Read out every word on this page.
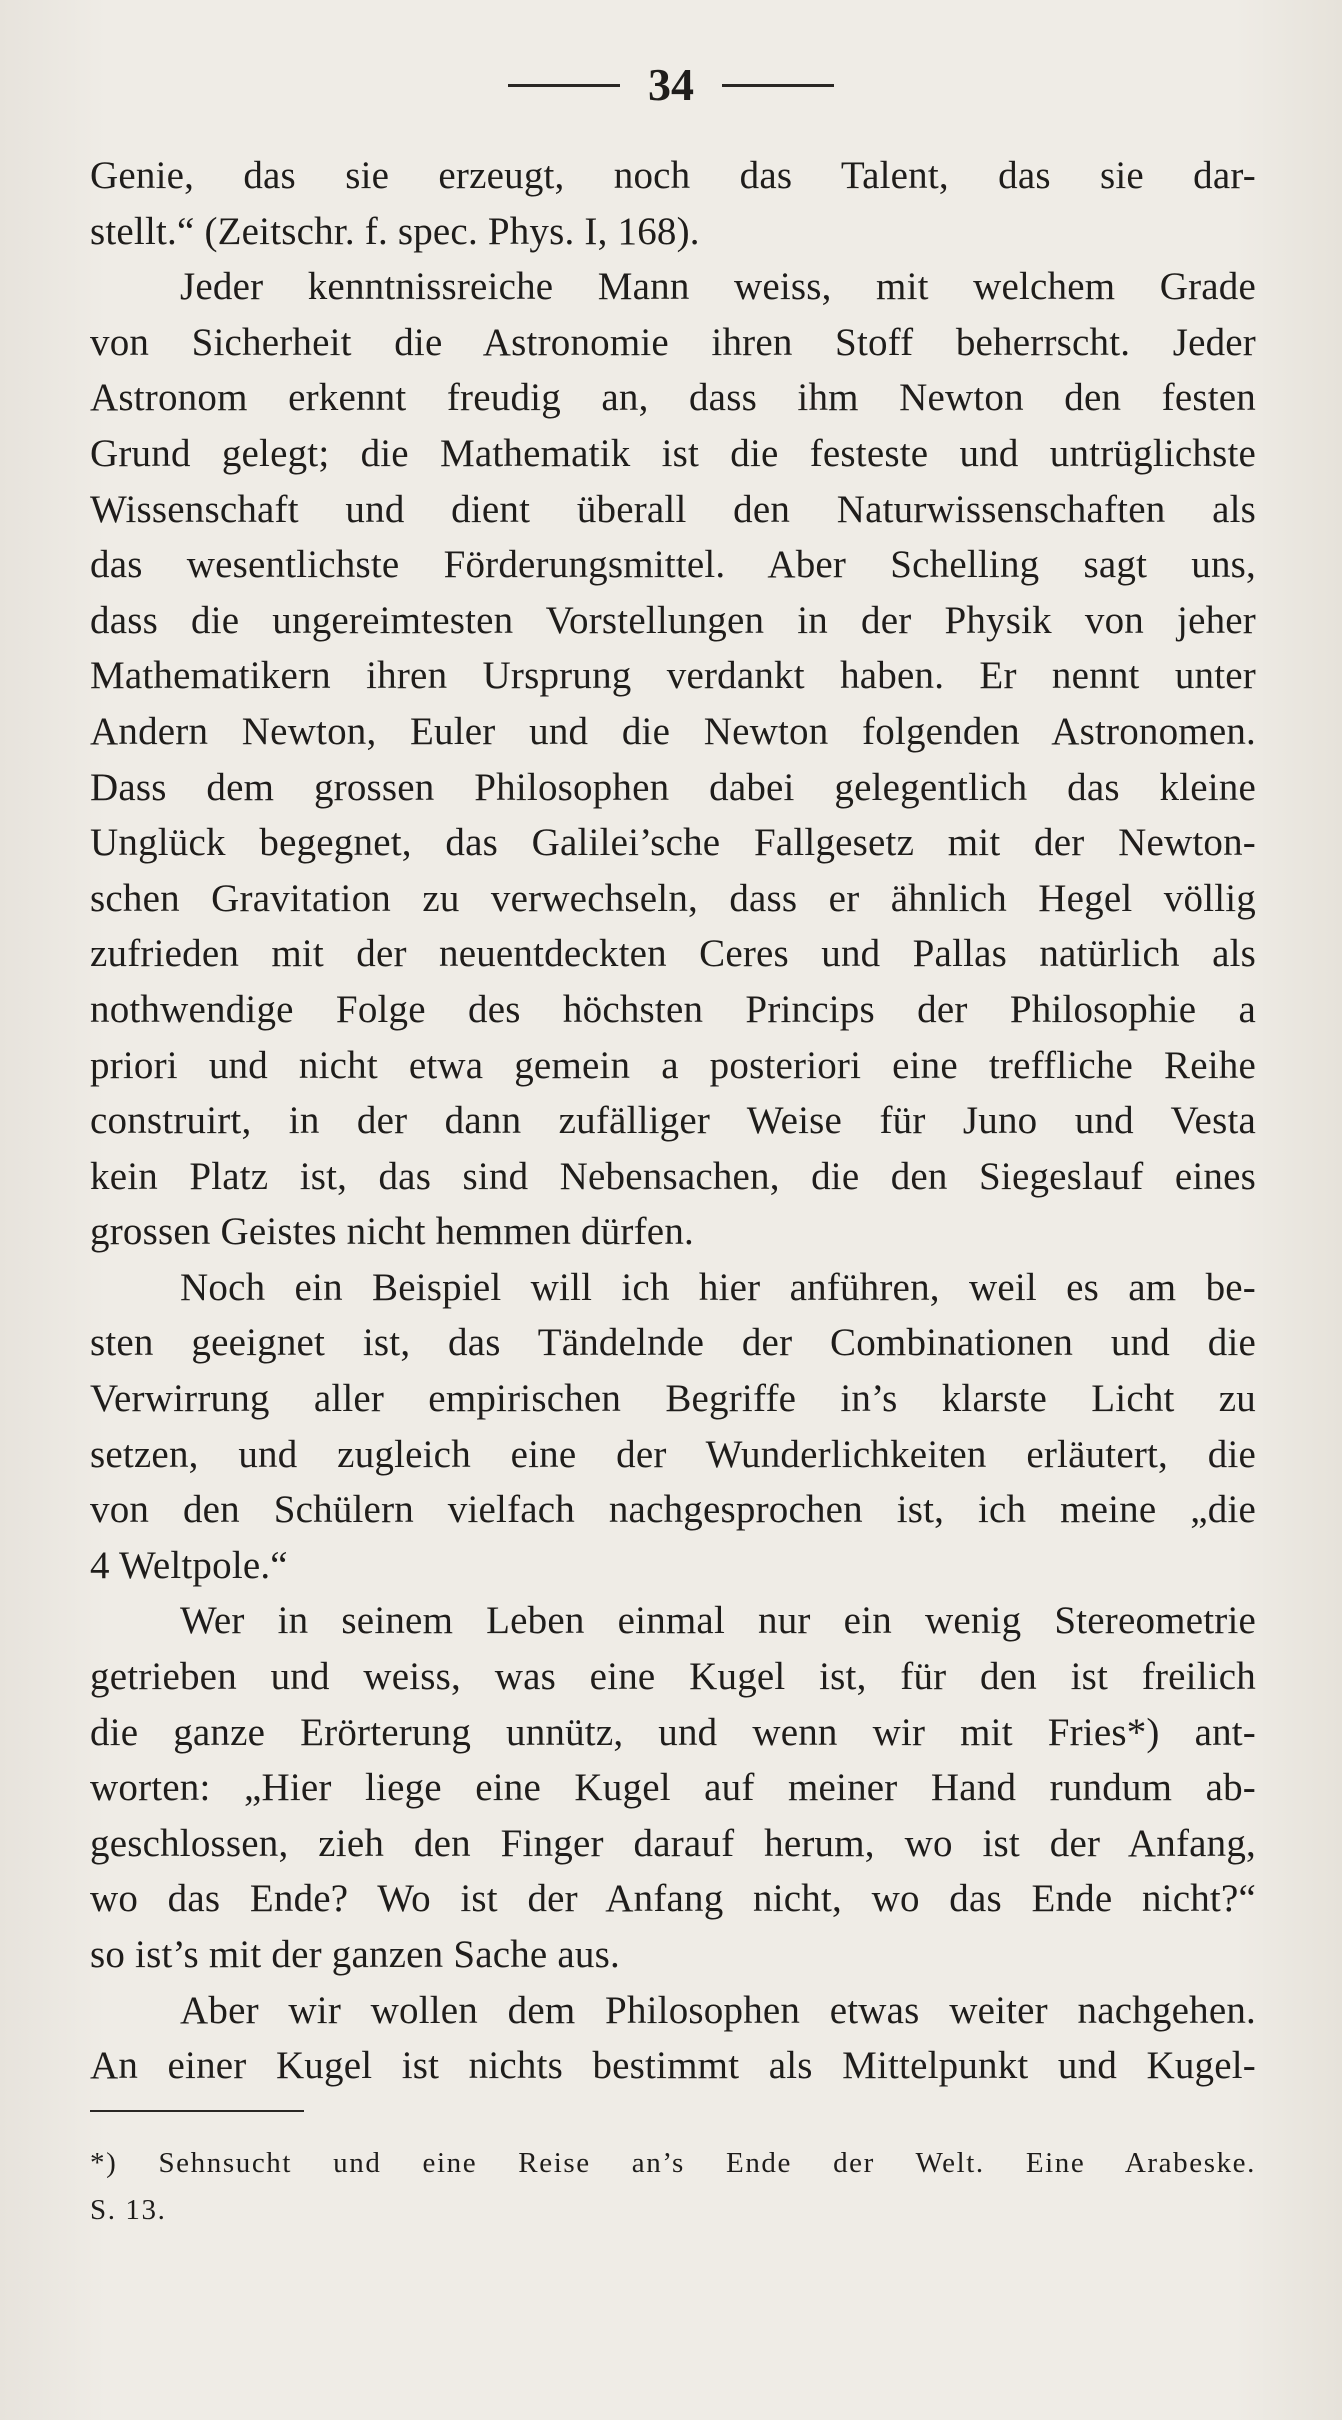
34
Genie, das sie erzeugt, noch das Talent, das sie dar-
stellt.“ (Zeitschr. f. spec. Phys. I, 168).
Jeder kenntnissreiche Mann weiss, mit welchem Grade
von Sicherheit die Astronomie ihren Stoff beherrscht. Jeder
Astronom erkennt freudig an, dass ihm Newton den festen
Grund gelegt; die Mathematik ist die festeste und untrüglichste
Wissenschaft und dient überall den Naturwissenschaften als
das wesentlichste Förderungsmittel. Aber Schelling sagt uns,
dass die ungereimtesten Vorstellungen in der Physik von jeher
Mathematikern ihren Ursprung verdankt haben. Er nennt unter
Andern Newton, Euler und die Newton folgenden Astronomen.
Dass dem grossen Philosophen dabei gelegentlich das kleine
Unglück begegnet, das Galilei’sche Fallgesetz mit der Newton-
schen Gravitation zu verwechseln, dass er ähnlich Hegel völlig
zufrieden mit der neuentdeckten Ceres und Pallas natürlich als
nothwendige Folge des höchsten Princips der Philosophie a
priori und nicht etwa gemein a posteriori eine treffliche Reihe
construirt, in der dann zufälliger Weise für Juno und Vesta
kein Platz ist, das sind Nebensachen, die den Siegeslauf eines
grossen Geistes nicht hemmen dürfen.
Noch ein Beispiel will ich hier anführen, weil es am be-
sten geeignet ist, das Tändelnde der Combinationen und die
Verwirrung aller empirischen Begriffe in’s klarste Licht zu
setzen, und zugleich eine der Wunderlichkeiten erläutert, die
von den Schülern vielfach nachgesprochen ist, ich meine „die
4 Weltpole.“
Wer in seinem Leben einmal nur ein wenig Stereometrie
getrieben und weiss, was eine Kugel ist, für den ist freilich
die ganze Erörterung unnütz, und wenn wir mit Fries*) ant-
worten: „Hier liege eine Kugel auf meiner Hand rundum ab-
geschlossen, zieh den Finger darauf herum, wo ist der Anfang,
wo das Ende? Wo ist der Anfang nicht, wo das Ende nicht?“
so ist’s mit der ganzen Sache aus.
Aber wir wollen dem Philosophen etwas weiter nachgehen.
An einer Kugel ist nichts bestimmt als Mittelpunkt und Kugel-
*) Sehnsucht und eine Reise an’s Ende der Welt. Eine Arabeske.
S. 13.
